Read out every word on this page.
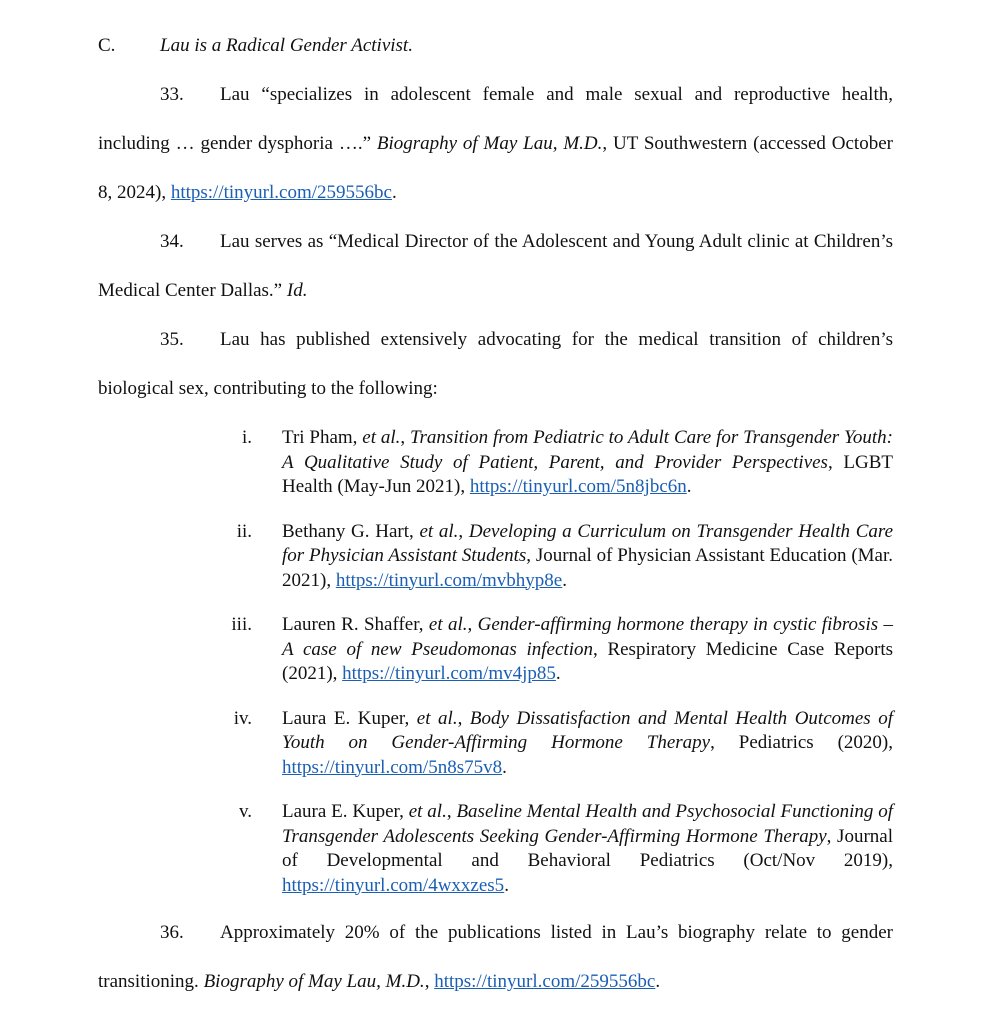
C. Lau is a Radical Gender Activist.

33. Lau “specializes in adolescent female and male sexual and reproductive health, including … gender dysphoria ….” Biography of May Lau, M.D., UT Southwestern (accessed October 8, 2024), https://tinyurl.com/259556bc.

34. Lau serves as “Medical Director of the Adolescent and Young Adult clinic at Children’s Medical Center Dallas.” Id.

35. Lau has published extensively advocating for the medical transition of children’s biological sex, contributing to the following:

i. Tri Pham, et al., Transition from Pediatric to Adult Care for Transgender Youth: A Qualitative Study of Patient, Parent, and Provider Perspectives, LGBT Health (May-Jun 2021), https://tinyurl.com/5n8jbc6n.
ii. Bethany G. Hart, et al., Developing a Curriculum on Transgender Health Care for Physician Assistant Students, Journal of Physician Assistant Education (Mar. 2021), https://tinyurl.com/mvbhyp8e.
iii. Lauren R. Shaffer, et al., Gender-affirming hormone therapy in cystic fibrosis – A case of new Pseudomonas infection, Respiratory Medicine Case Reports (2021), https://tinyurl.com/mv4jp85.
iv. Laura E. Kuper, et al., Body Dissatisfaction and Mental Health Outcomes of Youth on Gender-Affirming Hormone Therapy, Pediatrics (2020), https://tinyurl.com/5n8s75v8.
v. Laura E. Kuper, et al., Baseline Mental Health and Psychosocial Functioning of Transgender Adolescents Seeking Gender-Affirming Hormone Therapy, Journal of Developmental and Behavioral Pediatrics (Oct/Nov 2019), https://tinyurl.com/4wxxzes5.

36. Approximately 20% of the publications listed in Lau’s biography relate to gender transitioning. Biography of May Lau, M.D., https://tinyurl.com/259556bc.
